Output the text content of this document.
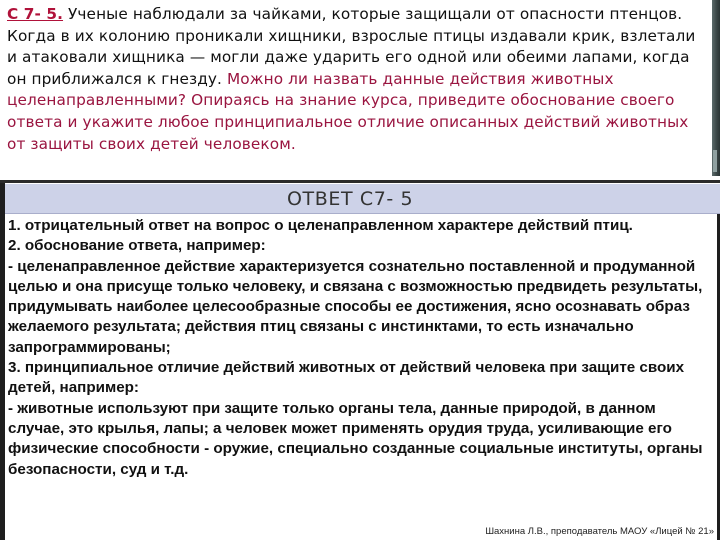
С 7- 5. Ученые наблюдали за чайками, которые защищали от опасности птенцов. Когда в их колонию проникали хищники, взрослые птицы издавали крик, взлетали и атаковали хищника — могли даже ударить его одной или обеими лапами, когда он приближался к гнезду. Можно ли назвать данные действия животных целенаправленными? Опираясь на знание курса, приведите обоснование своего ответа и укажите любое принципиальное отличие описанных действий животных от защиты своих детей человеком.
ОТВЕТ С7- 5

1. отрицательный ответ на вопрос о целенаправленном характере действий птиц.

2. обоснование ответа, например:

- целенаправленное действие характеризуется сознательно поставленной и продуманной целью и она присуще только человеку, и связана с возможностью предвидеть результаты, придумывать наиболее целесообразные способы ее достижения, ясно осознавать образ желаемого результата; действия птиц связаны с инстинктами, то есть изначально запрограммированы;

3. принципиальное отличие действий животных от действий человека при защите своих детей, например:

- животные используют при защите только органы тела, данные природой, в данном случае, это крылья, лапы; а человек может применять орудия труда, усиливающие его физические способности - оружие, специально созданные социальные институты, органы безопасности, суд и т.д.

Шахнина Л.В., преподаватель МАОУ «Лицей № 21»
